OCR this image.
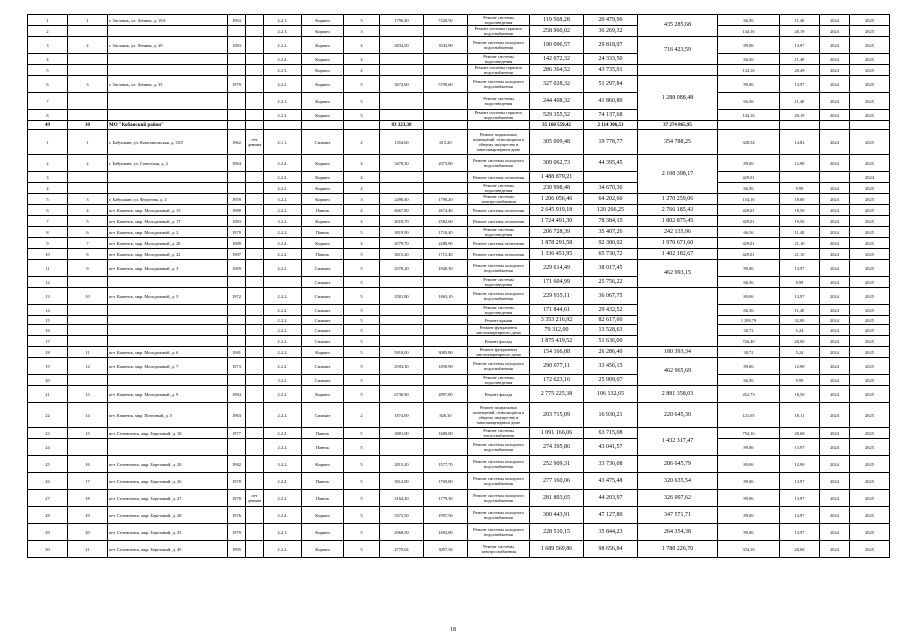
1	1	г. Заславль, ул. Ленина, д. 10А	1963		2.2.1.	Кирпич	3	1796,40	7220,50	Ремонт системы водоотведения	119 568,28	20 479,96	435 285,68	66,56	11,40	2024	2025
2					2.2.3.	Кирпич	3			Ремонт системы горячего водоснабжения	258 960,02	36 269,32		144,16	20,19	2024	2025
3	2	г. Заславль, ул. Ленина, д. 29	1983		2.2.2.	Кирпич	4	2834,50	3543,90	Ремонт системы холодного водоснабжения	190 096,57	29 818,97	716 423,59	89,06	13,97	2024	2025
4					2.2.2.	Кирпич	4			Ремонт системы водоотведения	142 072,32	24 333,50		66,56	11,40	2024	2025
5					2.2.3.	Кирпич	4			Ремонт системы горячего водоснабжения	286 364,52	43 735,91		134,16	20,49	2024	2025
6	3	г. Заславль, ул. Ленина, д. 35	1979		2.2.2.	Кирпич	5	3672,00	5799,60	Ремонт системы холодного водоснабжения	327 028,32	51 297,84	1 288 088,48	89,06	13,97	2024	2025
7					2.2.1.	Кирпич	5			Ремонт системы водоотведения	244 408,32	41 860,80		66,56	11,40	2024	2025
8					2.2.3.	Кирпич	5			Ремонт системы горячего водоснабжения	529 355,52	74 137,68		144,16	20,19	2024	2025
49	30	МО "Кобанский район"						83 323,30			35 160 559,42	2 114 306,53	37 274 865,95				
1	1	г. Бабушкин, ул. Комсомольская, д. 35Л	1962	отт деньвм	2.1.1.	Силикат	2	1354,60	615,20	Ремонт подвальных помещений, относящихся к общему имуществу в многоквартирном доме	305 009,48	19 778,77	354 788,25	328,54	14,82	2024	2025
2	2	г. Бабушкин, ул. Советская, д. 2	1964		2.2.2.	Кирпич	4	3478,30	2073,80	Ремонт системы холодного водоснабжения	309 062,73	44 395,45	2 108 398,17	89,06	12,90	2024	2025
3					2.2.3.	Кирпич	4			Ремонт системы отопления	1 488 879,21			429,01			2024
4					2.2.2.	Кирпич	4			Ремонт системы водоотведения	230 998,48	34 670,30		66,56	9,99	2024	2025
5	3	г. Бабушкин, ул. Федотова, д. 2	1959		3.2.2.	Кирпич	3	2490,40	1790,20	Ремонт системы электроснабжения	1 206 056,46	64 202,60	1 270 259,06	154,16	19,00	2024	2025
6	4	пгт. Каменск, мкр. Молодежный, д. 15	1988		2.2.2.	Панель	4	6667,80	2674,40	Ремонт системы отопления	2 645 919,18	120 266,25	2 766 185,43	429,01	18,50	2024	2025
7	5	пгт. Каменск, мкр. Молодежный, д. 17	1983		3.2.2.	Кирпич	4	4018,70	2582,60	Ремонт системы отопления	1 724 491,30	78 384,15	1 802 875,45	429,01	19,50	2024	2025
8	6	пгт. Каменск, мкр. Молодежный, д. 2	1979		2.2.2.	Панель	5	3819,90	1710,40	Ремонт системы водоотведения	206 728,39	35 407,26	242 135,96	66,56	11,40	2024	2025
9	7	пгт. Каменск, мкр. Молодежный, д. 20	1989		2.2.2.	Кирпич	4	4579,70	2280,90	Ремонт системы отопления	1 878 291,58	92 380,02	1 970 671,60	429,01	21,10	2024	2025
10	8	пгт. Каменск, мкр. Молодежный, д. 22	1987		2.2.2.	Панель	5	3615,20	1715,40	Ремонт системы отопления	1 336 451,95	65 730,72	1 402 182,67	429,01	21,10	2024	2025
11	9	пгт. Каменск, мкр. Молодежный, д. 3	1969		2.2.2.	Силикат	5	2578,20	1840,30	Ремонт системы холодного водоснабжения	229 614,49	38 017,45	462 993,15	89,06	13,97	2024	2025
12						Силикат	5			Ремонт системы водоотведения	171 604,99	25 756,22		66,56	9,99	2024	2025
13	10	пгт. Каменск, мкр. Молодежный, д. 5	1972		2.2.2.	Силикат	5	2581,80	1863,10	Ремонт системы холодного водоснабжения	229 935,11	36 067,75		89,06	13,97	2024	2025
14					2.2.2.	Силикат	5			Ремонт системы водоотведения	171 844,61	29 432,52		66,56	11,40	2024	2025
15					2.2.2.	Силикат	5			Ремонт крыши	3 353 216,92	82 617,60		1 298,79	32,00	2024	2025
16					2.2.2.	Силикат	5			Ремонт фундамента многоквартирного дома	79 312,00	13 528,63		30,72	5,24	2024	2025
17					2.2.2.	Силикат	5			Ремонт фасада	1 875 419,52	51 636,00		726,40	20,00	2024	2025
18	11	пгт. Каменск, мкр. Молодежный, д. 6	1981		2.2.2.	Кирпич	5	5810,00	3085,80	Ремонт фундамента многоквартирного дома	154 166,88	26 286,40	180 393,34	30,72	5,24	2024	2025
19	12	пгт. Каменск, мкр. Молодежный, д. 7	1973		2.2.2.	Силикат	5	2593,30	1858,90	Ремонт системы холодного водоснабжения	290 077,11	33 456,15	462 965,69	89,06	12,90	2024	2025
20					3.2.2.	Силикат	5			Ремонт системы водоотведения	172 623,16	25 909,07		66,56	9,99	2024	2025
21	13	пгт. Каменск, мкр. Молодежный, д. 9	1984		2.2.2.	Кирпич	5	6736,90	2897,80	Ремонт фасада	2 775 225,38	106 132,65	2 881 358,03	452,73	18,50	2024	2025
22	14	пгт. Каменск, мкр. Почтовый, д. 5	1963		2.2.2.	Силикат	2	1874,00	826,30	Ремонт подвальных помещений, относящихся к общему имуществу в многоквартирном доме	203 715,09	16 930,21	220 645,30	121,65	10,11	2024	2025
23	15	пгт. Селенгинск, мкр. Березовый, д. 18	1977		2.2.2.	Панель	5	3881,00	1680,00	Ремонт системы теплоснабжения	1 091 166,06	63 715,08	1 432 317,47	754,16	20,68	2024	2025
24					2.2.2.	Панель	5			Ремонт системы холодного водоснабжения	274 395,86	43 041,57		89,06	13,97	2024	2025
25	16	пгт. Селенгинск, мкр. Березовый, д. 20	1982		3.2.2.	Кирпич	5	2815,20	1577,70	Ремонт системы холодного водоснабжения	252 909,31	33 736,08	286 645,79	89,06	12,90	2024	2025
26	17	пгт. Селенгинск, мкр. Березовый, д. 26	1978		2.2.2.	Панель	5	3012,00	1769,80	Ремонт системы холодного водоснабжения	277 160,06	43 475,48	320 635,54	89,06	13,97	2024	2025
27	18	пгт. Селенгинск, мкр. Березовый, д. 27	1978	отт деньвм	2.2.2.	Панель	5	3164,20	1779,30	Ремонт системы холодного водоснабжения	281 803,65	44 203,97	326 007,62	89,06	13,97	2024	2025
28	19	пгт. Селенгинск, мкр. Березовый, д. 28	1976		2.2.2.	Кирпич	5	3373,50	1997,50	Ремонт системы холодного водоснабжения	300 443,91	47 127,80	347 571,71	89,06	13,97	2024	2025
29	20	пгт. Селенгинск, мкр. Березовый, д. 35	1979		2.2.1.	Кирпич	5	2968,50	1692,80	Ремонт системы холодного водоснабжения	228 510,15	35 844,23	264 354,38	89,06	13,97	2024	2025
30	21	пгт. Селенгинск, мкр. Березовый, д. 49	1995		2.2.2.	Кирпич	5	4770,04	3097,50	Ремонт системы электроснабжения	1 689 569,86	98 656,84	1 788 226,70	334,16	20,68	2024	2025
18
